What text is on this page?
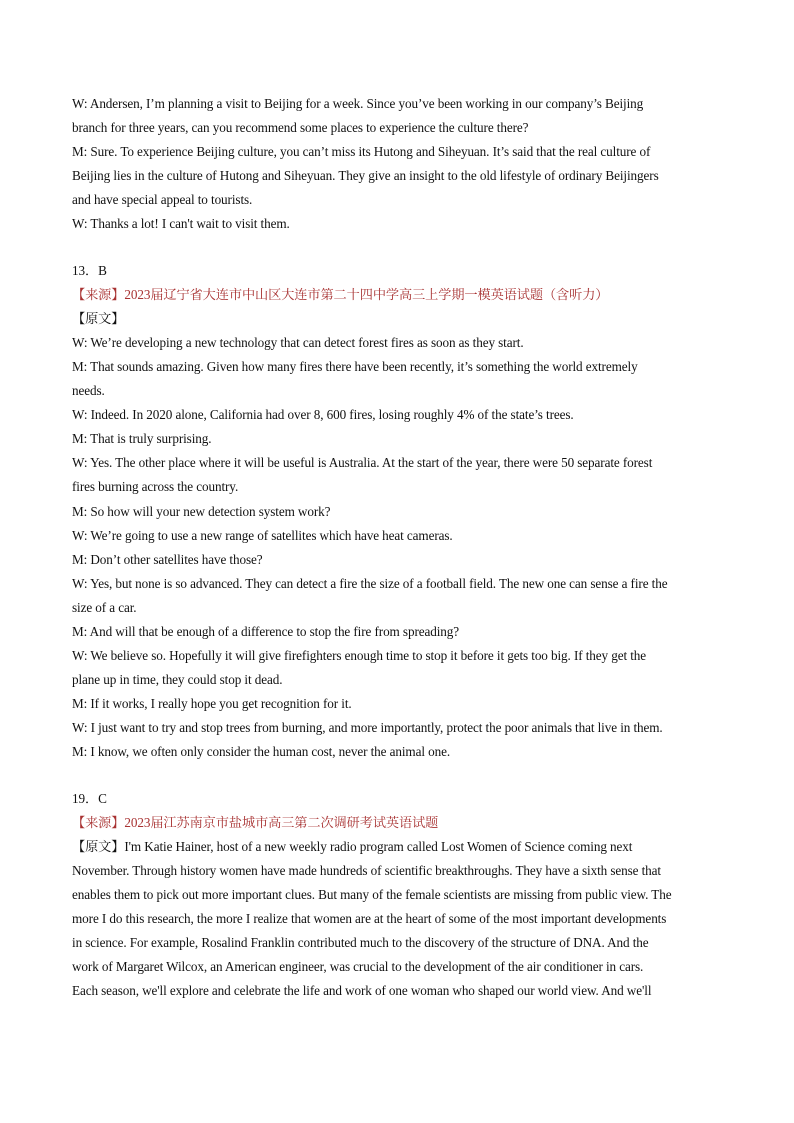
W: Andersen, I’m planning a visit to Beijing for a week. Since you’ve been working in our company’s Beijing
branch for three years, can you recommend some places to experience the culture there?
M: Sure. To experience Beijing culture, you can’t miss its Hutong and Siheyuan. It’s said that the real culture of
Beijing lies in the culture of Hutong and Siheyuan. They give an insight to the old lifestyle of ordinary Beijingers
and have special appeal to tourists.
W: Thanks a lot! I can't wait to visit them.
13．B
【来源】2023届辽宁省大连市中山区大连市第二十四中学高三上学期一模英语试题（含听力）
【原文】
W: We’re developing a new technology that can detect forest fires as soon as they start.
M: That sounds amazing. Given how many fires there have been recently, it’s something the world extremely
needs.
W: Indeed. In 2020 alone, California had over 8, 600 fires, losing roughly 4% of the state’s trees.
M: That is truly surprising.
W: Yes. The other place where it will be useful is Australia. At the start of the year, there were 50 separate forest
fires burning across the country.
M: So how will your new detection system work?
W: We’re going to use a new range of satellites which have heat cameras.
M: Don’t other satellites have those?
W: Yes, but none is so advanced. They can detect a fire the size of a football field. The new one can sense a fire the
size of a car.
M: And will that be enough of a difference to stop the fire from spreading?
W: We believe so. Hopefully it will give firefighters enough time to stop it before it gets too big. If they get the
plane up in time, they could stop it dead.
M: If it works, I really hope you get recognition for it.
W: I just want to try and stop trees from burning, and more importantly, protect the poor animals that live in them.
M: I know, we often only consider the human cost, never the animal one.
19．C
【来源】2023届江苏南京市盐城市高三第二次调研考试英语试题
【原文】I'm Katie Hainer, host of a new weekly radio program called Lost Women of Science coming next
November. Through history women have made hundreds of scientific breakthroughs. They have a sixth sense that
enables them to pick out more important clues. But many of the female scientists are missing from public view. The
more I do this research, the more I realize that women are at the heart of some of the most important developments
in science. For example, Rosalind Franklin contributed much to the discovery of the structure of DNA. And the
work of Margaret Wilcox, an American engineer, was crucial to the development of the air conditioner in cars.
Each season, we'll explore and celebrate the life and work of one woman who shaped our world view. And we'll
